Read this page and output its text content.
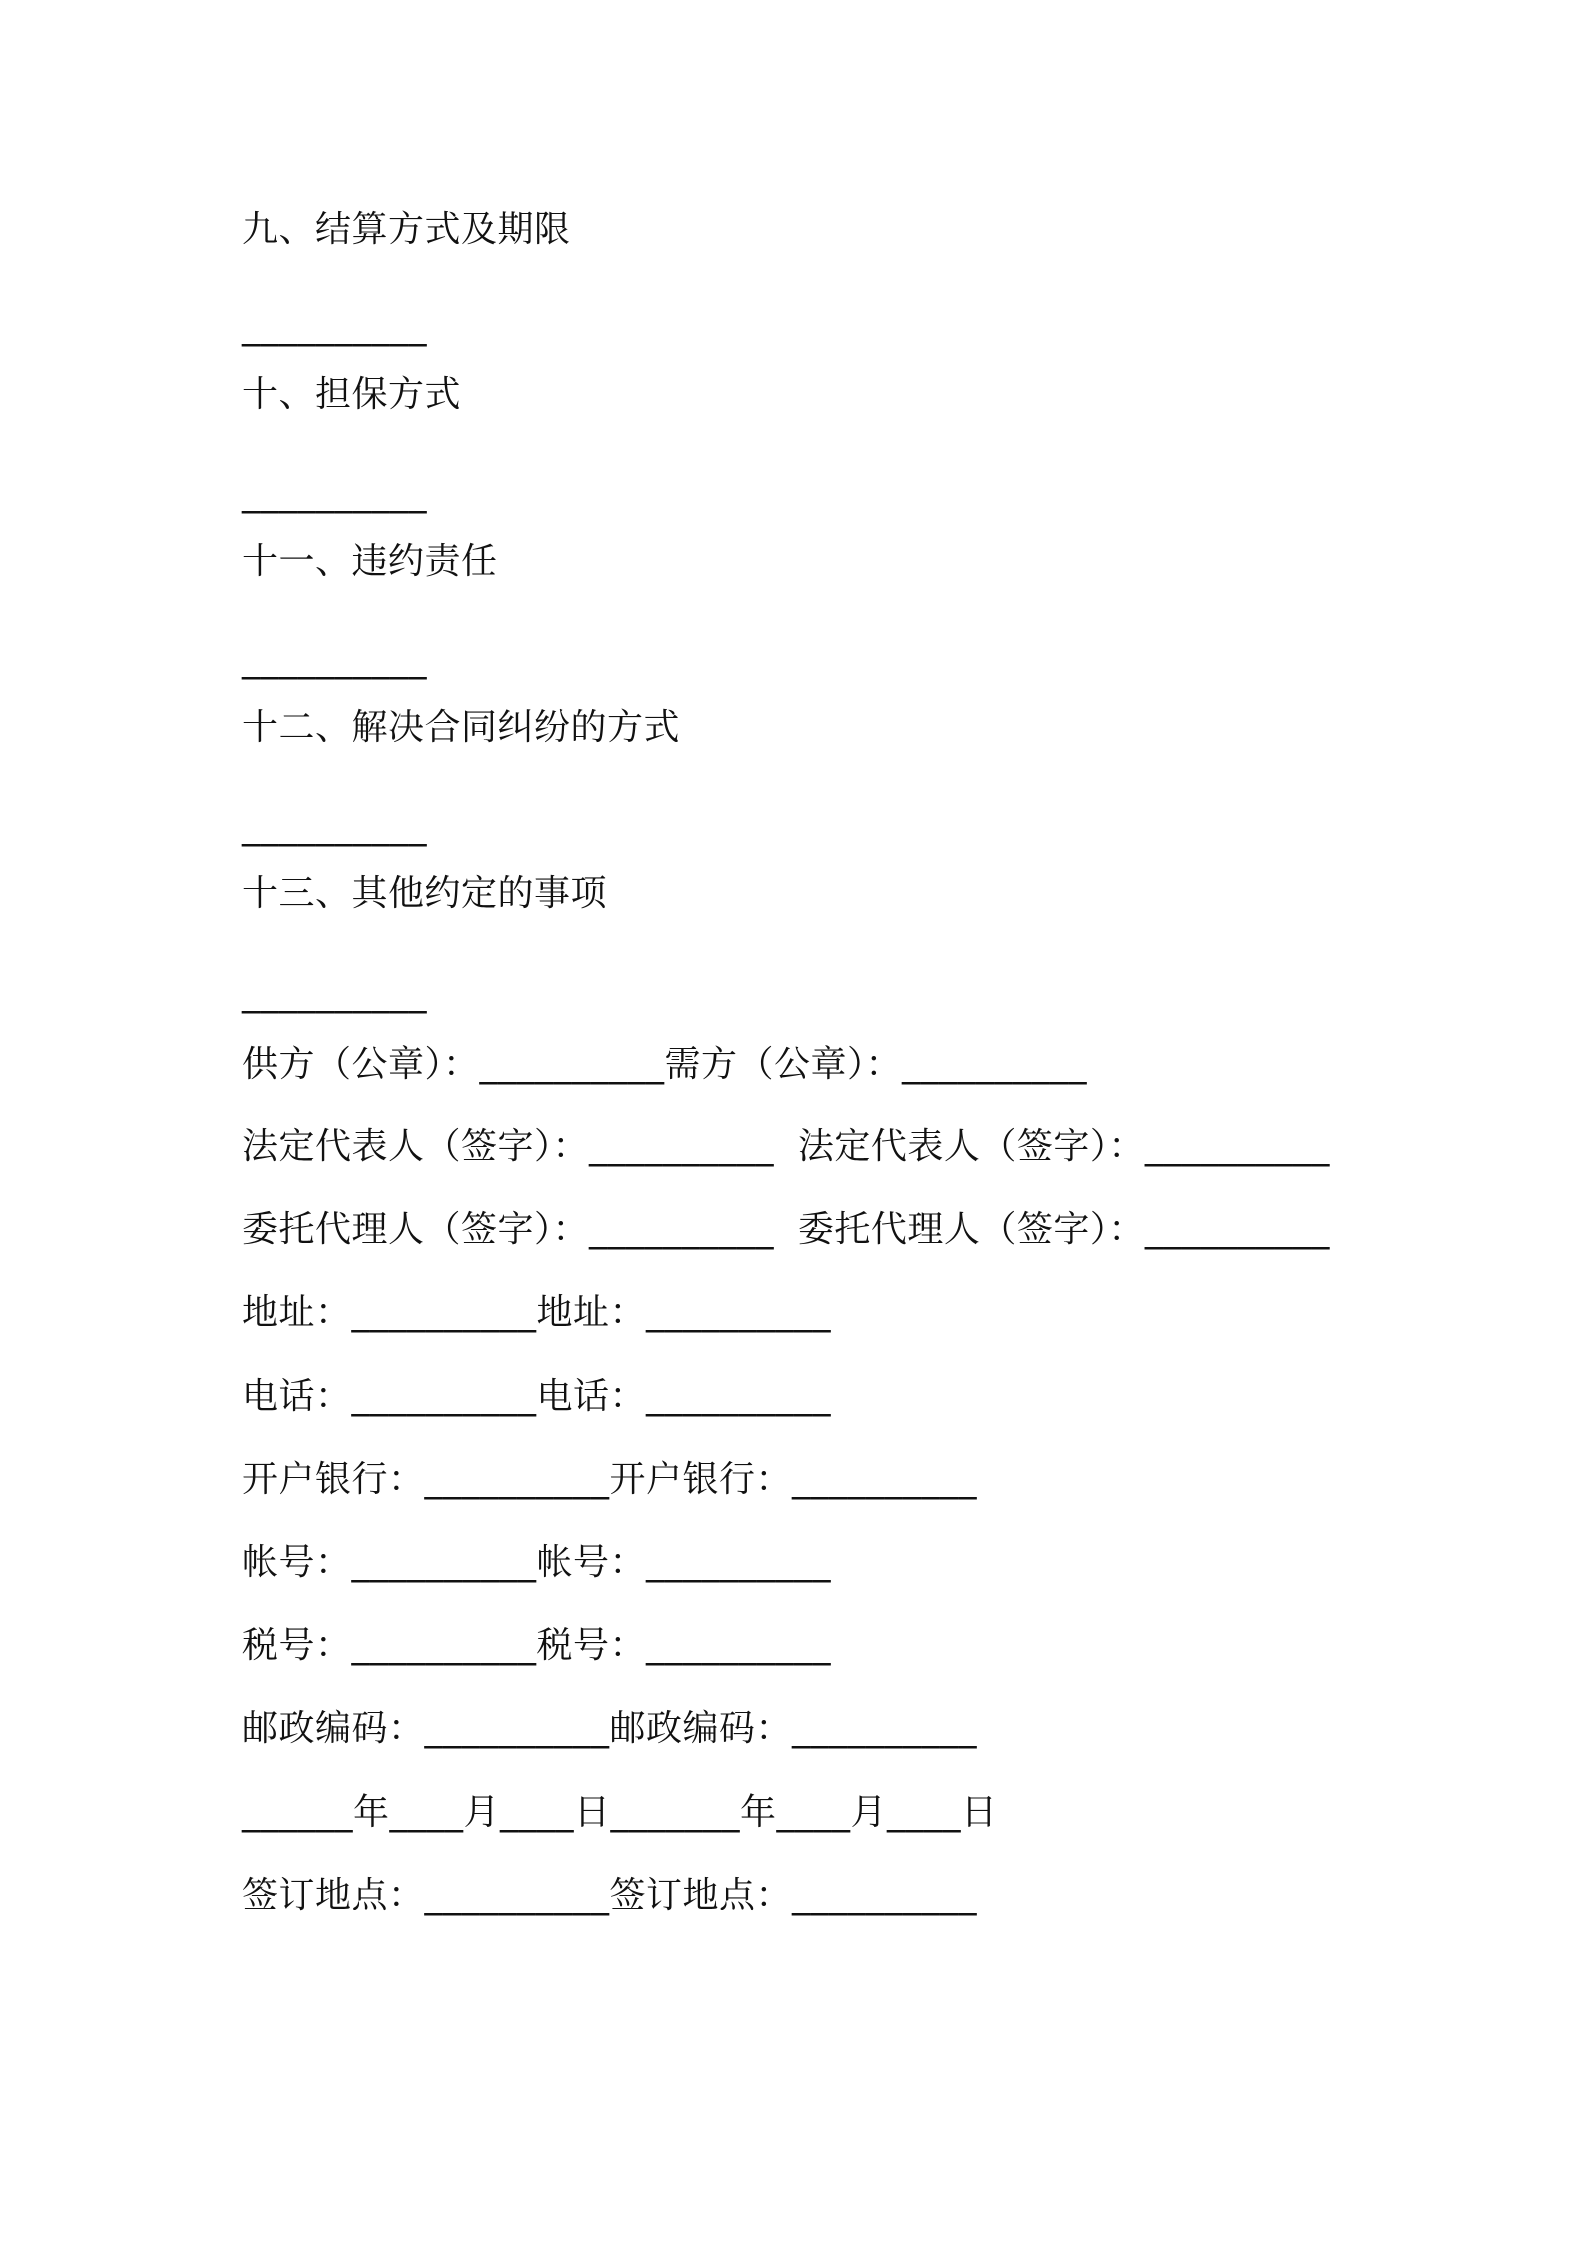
九、结算方式及期限
__________
十、担保方式
__________
十一、违约责任
__________
十二、解决合同纠纷的方式
__________
十三、其他约定的事项
__________
供方（公章）：__________需方（公章）：__________
法定代表人（签字）：__________  法定代表人（签字）：__________
委托代理人（签字）：__________  委托代理人（签字）：__________
地址：__________地址：__________
电话：__________电话：__________
开户银行：__________开户银行：__________
帐号：__________帐号：__________
税号：__________税号：__________
邮政编码：__________邮政编码：__________
______年____月____日_______年____月____日
签订地点：__________签订地点：__________
